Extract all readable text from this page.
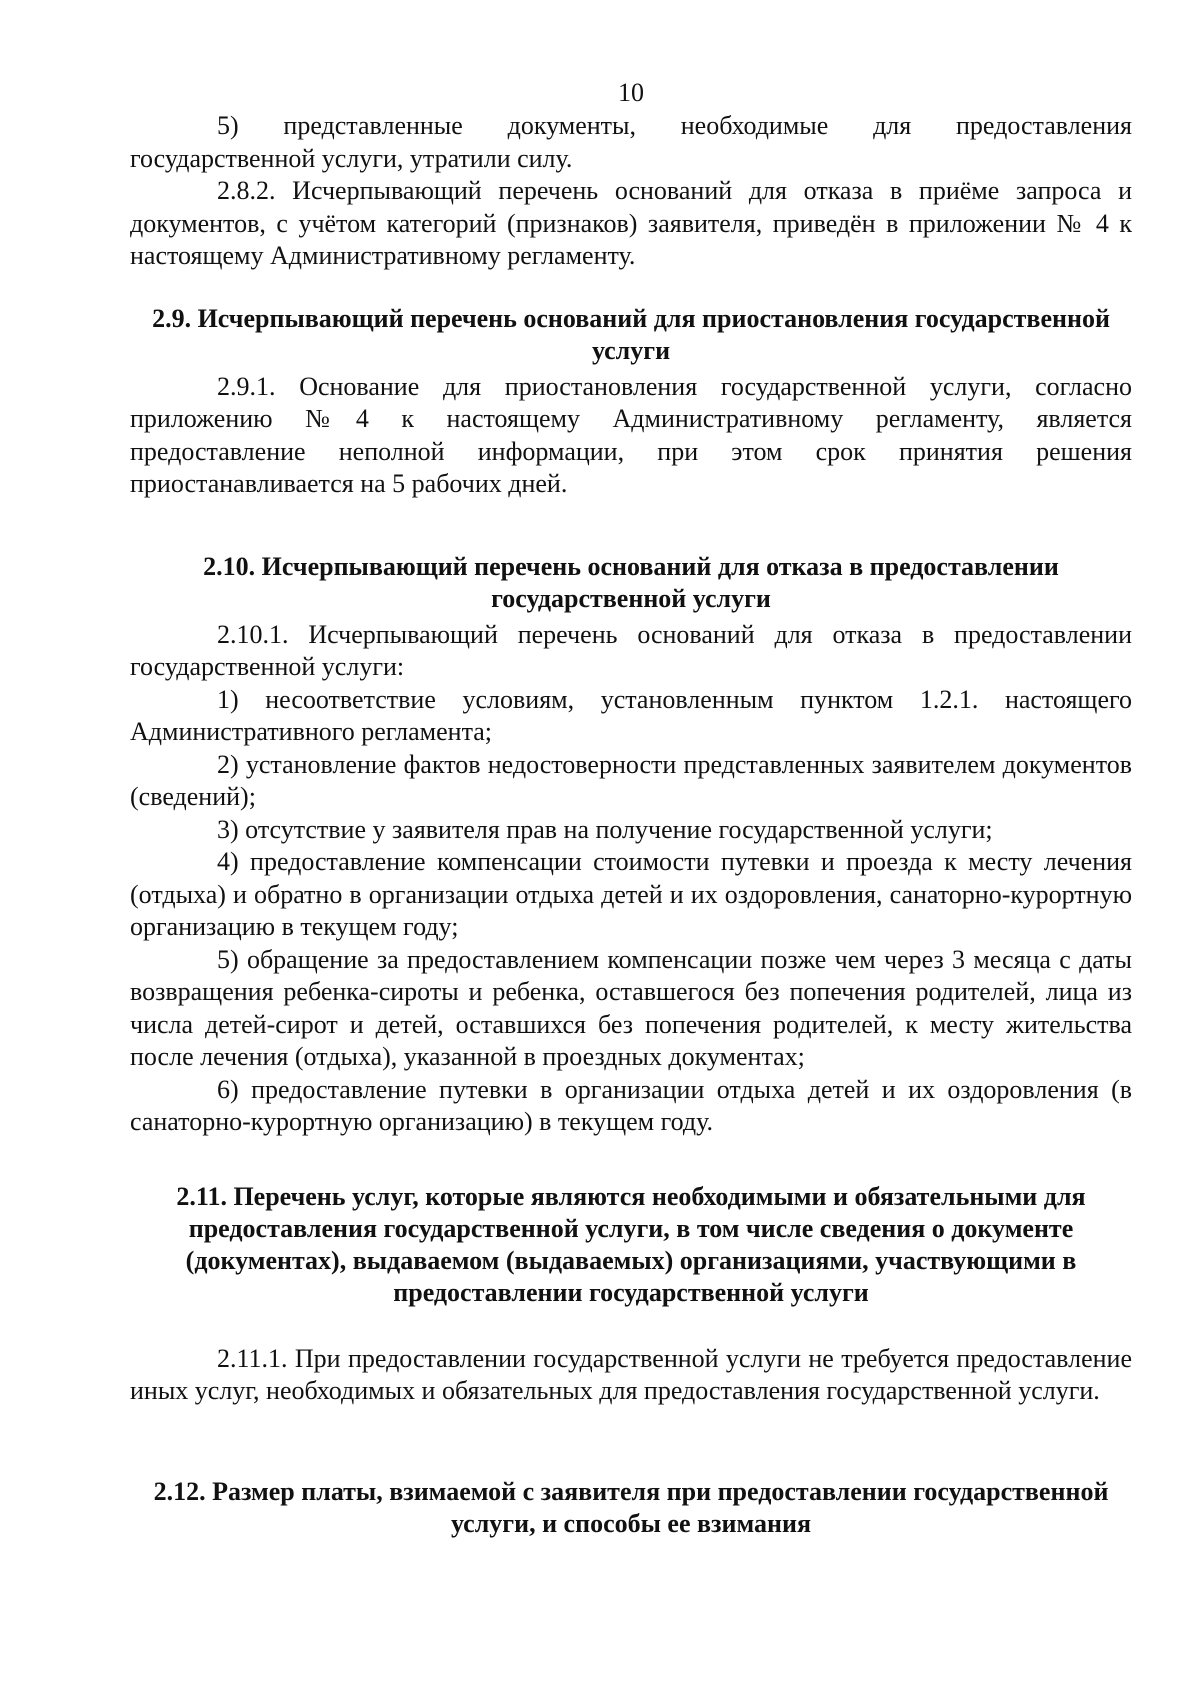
10

5) представленные документы, необходимые для предоставления государственной услуги, утратили силу.

2.8.2. Исчерпывающий перечень оснований для отказа в приёме запроса и документов, с учётом категорий (признаков) заявителя, приведён в приложении № 4 к настоящему Административному регламенту.

2.9. Исчерпывающий перечень оснований для приостановления государственной услуги

2.9.1. Основание для приостановления государственной услуги, согласно приложению №4 к настоящему Административному регламенту, является предоставление неполной информации, при этом срок принятия решения приостанавливается на 5 рабочих дней.

2.10. Исчерпывающий перечень оснований для отказа в предоставлении государственной услуги

2.10.1. Исчерпывающий перечень оснований для отказа в предоставлении государственной услуги:

1) несоответствие условиям, установленным пунктом 1.2.1. настоящего Административного регламента;

2) установление фактов недостоверности представленных заявителем документов (сведений);

3) отсутствие у заявителя прав на получение государственной услуги;

4) предоставление компенсации стоимости путевки и проезда к месту лечения (отдыха) и обратно в организации отдыха детей и их оздоровления, санаторно-курортную организацию в текущем году;

5) обращение за предоставлением компенсации позже чем через 3 месяца с даты возвращения ребенка-сироты и ребенка, оставшегося без попечения родителей, лица из числа детей-сирот и детей, оставшихся без попечения родителей, к месту жительства после лечения (отдыха), указанной в проездных документах;

6) предоставление путевки в организации отдыха детей и их оздоровления (в санаторно-курортную организацию) в текущем году.

2.11. Перечень услуг, которые являются необходимыми и обязательными для предоставления государственной услуги, в том числе сведения о документе (документах), выдаваемом (выдаваемых) организациями, участвующими в предоставлении государственной услуги

2.11.1. При предоставлении государственной услуги не требуется предоставление иных услуг, необходимых и обязательных для предоставления государственной услуги.

2.12. Размер платы, взимаемой с заявителя при предоставлении государственной услуги, и способы ее взимания
